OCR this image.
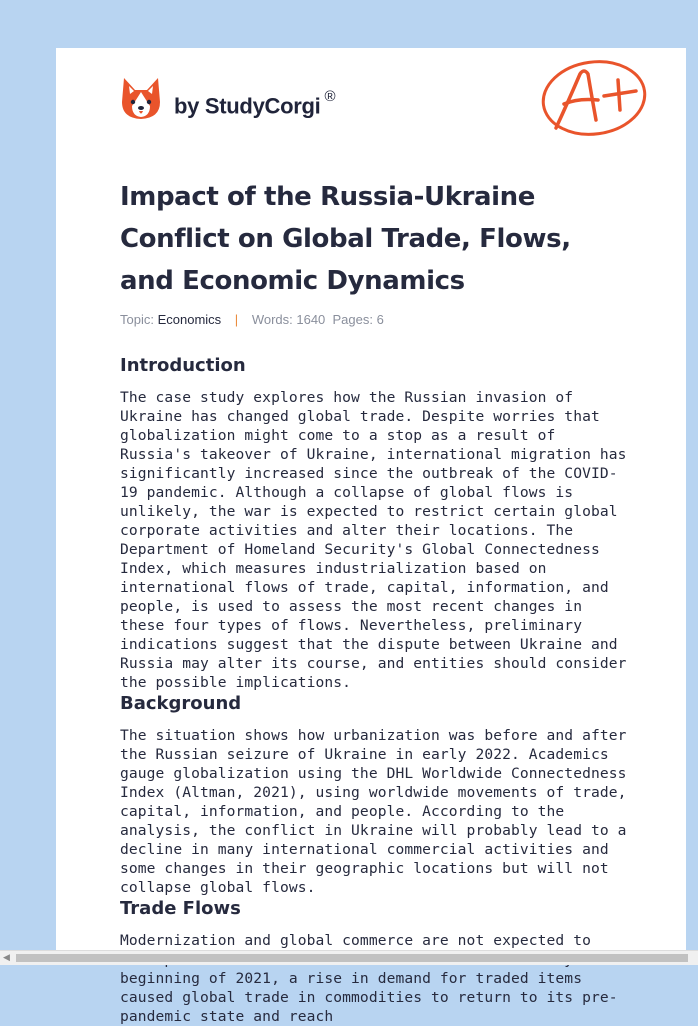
by StudyCorgi ®
Impact of the Russia-Ukraine Conflict on Global Trade, Flows, and Economic Dynamics
Topic: Economics | Words: 1640 Pages: 6
Introduction

The case study explores how the Russian invasion of Ukraine has changed global trade. Despite worries that globalization might come to a stop as a result of Russia's takeover of Ukraine, international migration has significantly increased since the outbreak of the COVID-19 pandemic. Although a collapse of global flows is unlikely, the war is expected to restrict certain global corporate activities and alter their locations. The Department of Homeland Security's Global Connectedness Index, which measures industrialization based on international flows of trade, capital, information, and people, is used to assess the most recent changes in these four types of flows. Nevertheless, preliminary indications suggest that the dispute between Ukraine and Russia may alter its course, and entities should consider the possible implications.

Background

The situation shows how urbanization was before and after the Russian seizure of Ukraine in early 2022. Academics gauge globalization using the DHL Worldwide Connectedness Index (Altman, 2021), using worldwide movements of trade, capital, information, and people. According to the analysis, the conflict in Ukraine will probably lead to a decline in many international commercial activities and some changes in their geographic locations but will not collapse global flows.

Trade Flows

Modernization and global commerce are not expected to beginning of 2021, a rise in demand for traded items caused global trade in commodities to return to its pre-pandemic state and reach

◀
